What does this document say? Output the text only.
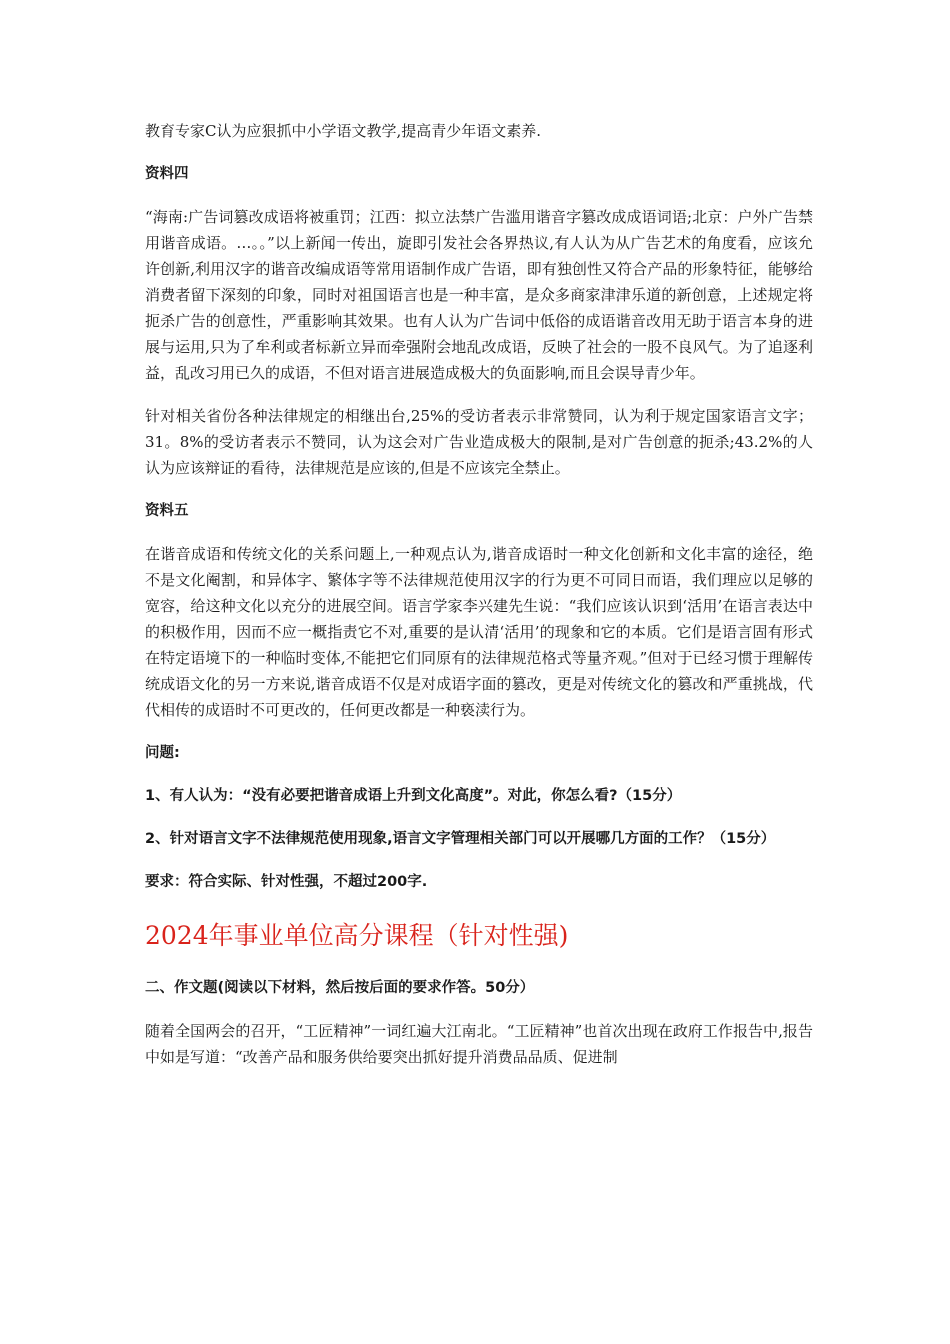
教育专家C认为应狠抓中小学语文教学,提高青少年语文素养.

资料四

“海南:广告词篡改成语将被重罚；江西：拟立法禁广告滥用谐音字篡改成成语词语;北京：户外广告禁用谐音成语。…。。”以上新闻一传出，旋即引发社会各界热议,有人认为从广告艺术的角度看，应该允许创新,利用汉字的谐音改编成语等常用语制作成广告语，即有独创性又符合产品的形象特征，能够给消费者留下深刻的印象，同时对祖国语言也是一种丰富，是众多商家津津乐道的新创意，上述规定将扼杀广告的创意性，严重影响其效果。也有人认为广告词中低俗的成语谐音改用无助于语言本身的进展与运用,只为了牟利或者标新立异而牵强附会地乱改成语，反映了社会的一股不良风气。为了追逐利益，乱改习用已久的成语，不但对语言进展造成极大的负面影响,而且会误导青少年。

针对相关省份各种法律规定的相继出台,25%的受访者表示非常赞同，认为利于规定国家语言文字；31。8%的受访者表示不赞同，认为这会对广告业造成极大的限制,是对广告创意的扼杀;43.2%的人认为应该辩证的看待，法律规范是应该的,但是不应该完全禁止。

资料五

在谐音成语和传统文化的关系问题上,一种观点认为,谐音成语时一种文化创新和文化丰富的途径，绝不是文化阉割，和异体字、繁体字等不法律规范使用汉字的行为更不可同日而语，我们理应以足够的宽容，给这种文化以充分的进展空间。语言学家李兴建先生说：“我们应该认识到‘活用’在语言表达中的积极作用，因而不应一概指责它不对,重要的是认清‘活用’的现象和它的本质。它们是语言固有形式在特定语境下的一种临时变体,不能把它们同原有的法律规范格式等量齐观。”但对于已经习惯于理解传统成语文化的另一方来说,谐音成语不仅是对成语字面的篡改，更是对传统文化的篡改和严重挑战，代代相传的成语时不可更改的，任何更改都是一种亵渎行为。

问题:

1、有人认为：“没有必要把谐音成语上升到文化高度”。对此，你怎么看?（15分）

2、针对语言文字不法律规范使用现象,语言文字管理相关部门可以开展哪几方面的工作？（15分）

要求：符合实际、针对性强，不超过200字.

2024年事业单位高分课程（针对性强)

二、作文题(阅读以下材料，然后按后面的要求作答。50分）

随着全国两会的召开，“工匠精神”一词红遍大江南北。“工匠精神”也首次出现在政府工作报告中,报告中如是写道：“改善产品和服务供给要突出抓好提升消费品品质、促进制
